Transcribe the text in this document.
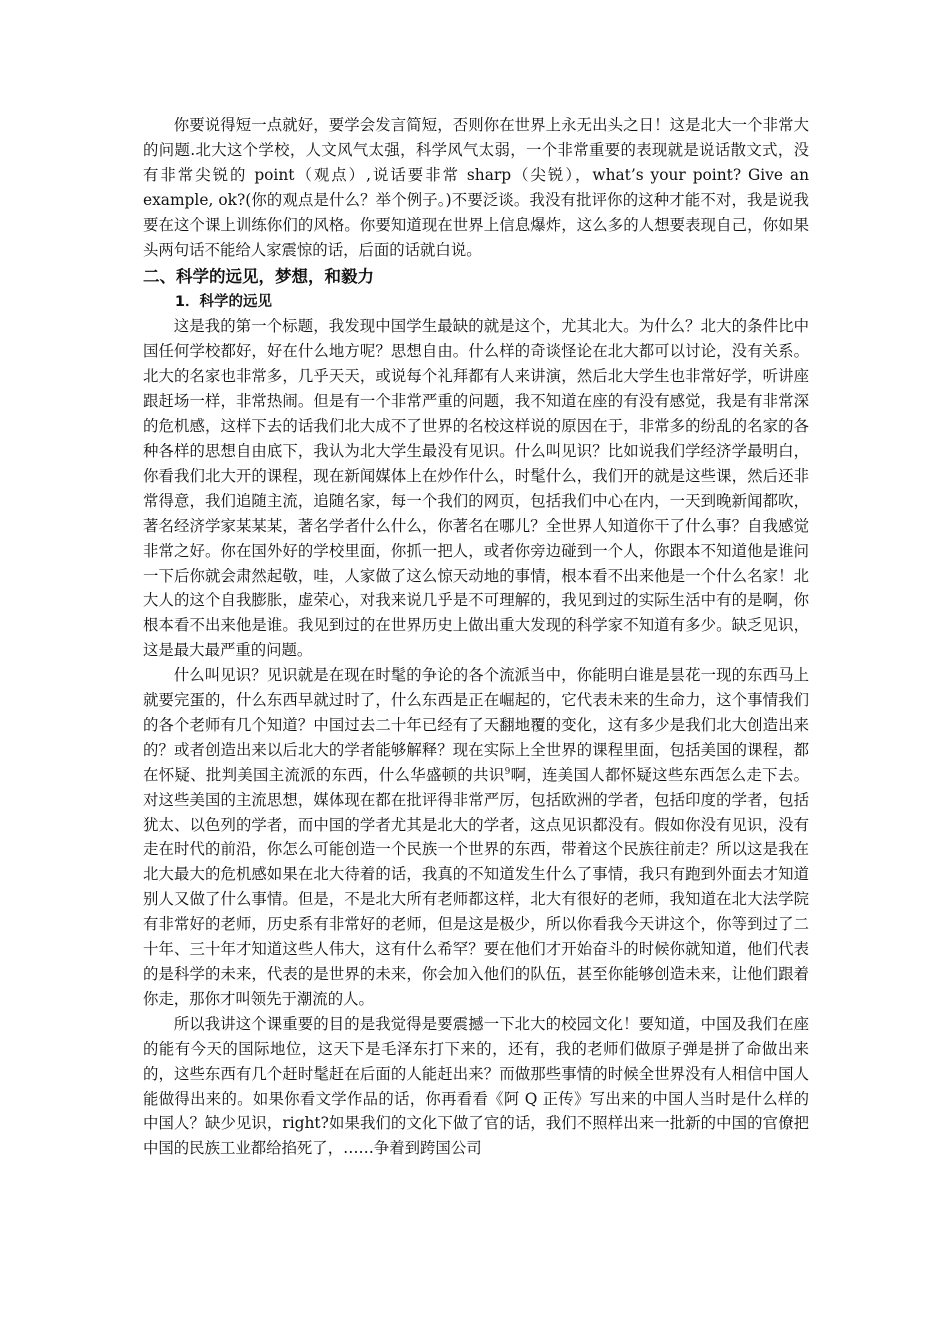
你要说得短一点就好，要学会发言简短，否则你在世界上永无出头之日！这是北大一个非常大的问题.北大这个学校，人文风气太强，科学风气太弱，一个非常重要的表现就是说话散文式，没有非常尖锐的 point（观点）,说话要非常 sharp（尖锐），what’s your point? Give an example, ok?(你的观点是什么？举个例子。)不要泛谈。我没有批评你的这种才能不对，我是说我要在这个课上训练你们的风格。你要知道现在世界上信息爆炸，这么多的人想要表现自己，你如果头两句话不能给人家震惊的话，后面的话就白说。

二、科学的远见，梦想，和毅力
1．科学的远见

这是我的第一个标题，我发现中国学生最缺的就是这个，尤其北大。为什么？北大的条件比中国任何学校都好，好在什么地方呢？思想自由。什么样的奇谈怪论在北大都可以讨论，没有关系。北大的名家也非常多，几乎天天，或说每个礼拜都有人来讲演，然后北大学生也非常好学，听讲座跟赶场一样，非常热闹。但是有一个非常严重的问题，我不知道在座的有没有感觉，我是有非常深的危机感，这样下去的话我们北大成不了世界的名校这样说的原因在于，非常多的纷乱的名家的各种各样的思想自由底下，我认为北大学生最没有见识。什么叫见识？比如说我们学经济学最明白，你看我们北大开的课程，现在新闻媒体上在炒作什么，时髦什么，我们开的就是这些课，然后还非常得意，我们追随主流，追随名家，每一个我们的网页，包括我们中心在内，一天到晚新闻都吹，著名经济学家某某某，著名学者什么什么，你著名在哪儿？全世界人知道你干了什么事？自我感觉非常之好。你在国外好的学校里面，你抓一把人，或者你旁边碰到一个人，你跟本不知道他是谁问一下后你就会肃然起敬，哇，人家做了这么惊天动地的事情，根本看不出来他是一个什么名家！北大人的这个自我膨胀，虚荣心，对我来说几乎是不可理解的，我见到过的实际生活中有的是啊，你根本看不出来他是谁。我见到过的在世界历史上做出重大发现的科学家不知道有多少。缺乏见识，这是最大最严重的问题。

什么叫见识？见识就是在现在时髦的争论的各个流派当中，你能明白谁是昙花一现的东西马上就要完蛋的，什么东西早就过时了，什么东西是正在崛起的，它代表未来的生命力，这个事情我们的各个老师有几个知道？中国过去二十年已经有了天翻地覆的变化，这有多少是我们北大创造出来的？或者创造出来以后北大的学者能够解释？现在实际上全世界的课程里面，包括美国的课程，都在怀疑、批判美国主流派的东西，什么华盛顿的共识$^9$啊，连美国人都怀疑这些东西怎么走下去。对这些美国的主流思想，媒体现在都在批评得非常严厉，包括欧洲的学者，包括印度的学者，包括犹太、以色列的学者，而中国的学者尤其是北大的学者，这点见识都没有。假如你没有见识，没有走在时代的前沿，你怎么可能创造一个民族一个世界的东西，带着这个民族往前走？所以这是我在北大最大的危机感如果在北大待着的话，我真的不知道发生什么了事情，我只有跑到外面去才知道别人又做了什么事情。但是，不是北大所有老师都这样，北大有很好的老师，我知道在北大法学院有非常好的老师，历史系有非常好的老师，但是这是极少，所以你看我今天讲这个，你等到过了二十年、三十年才知道这些人伟大，这有什么希罕？要在他们才开始奋斗的时候你就知道，他们代表的是科学的未来，代表的是世界的未来，你会加入他们的队伍，甚至你能够创造未来，让他们跟着你走，那你才叫领先于潮流的人。

所以我讲这个课重要的目的是我觉得是要震撼一下北大的校园文化！要知道，中国及我们在座的能有今天的国际地位，这天下是毛泽东打下来的，还有，我的老师们做原子弹是拼了命做出来的，这些东西有几个赶时髦赶在后面的人能赶出来？而做那些事情的时候全世界没有人相信中国人能做得出来的。如果你看文学作品的话，你再看看《阿 Q 正传》写出来的中国人当时是什么样的中国人？缺少见识，right?如果我们的文化下做了官的话，我们不照样出来一批新的中国的官僚把中国的民族工业都给掐死了，……争着到跨国公司
